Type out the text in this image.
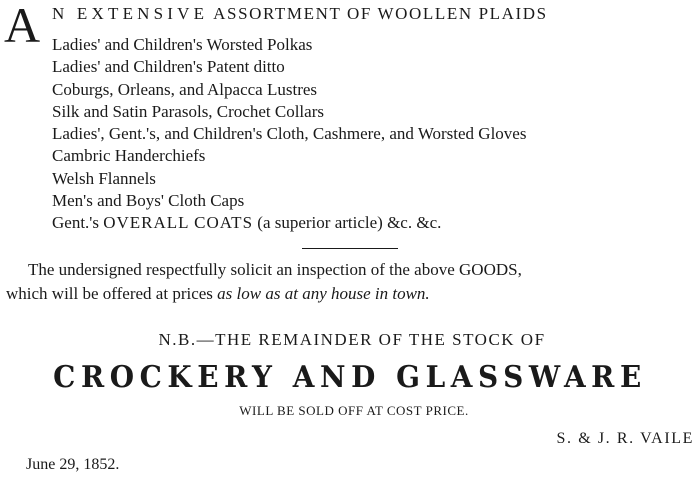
A N EXTENSIVE ASSORTMENT OF WOOLLEN PLAIDS
Ladies' and Children's Worsted Polkas
Ladies' and Children's Patent ditto
Coburgs, Orleans, and Alpacca Lustres
Silk and Satin Parasols, Crochet Collars
Ladies', Gent.'s, and Children's Cloth, Cashmere, and Worsted Gloves
Cambric Handerchiefs
Welsh Flannels
Men's and Boys' Cloth Caps
Gent.'s OVERALL COATS (a superior article) &c. &c.
The undersigned respectfully solicit an inspection of the above GOODS,
which will be offered at prices as low as at any house in town.
N.B.—THE REMAINDER OF THE STOCK OF
CROCKERY AND GLASSWARE
WILL BE SOLD OFF AT COST PRICE.
S. & J. R. VAILE
June 29, 1852.
